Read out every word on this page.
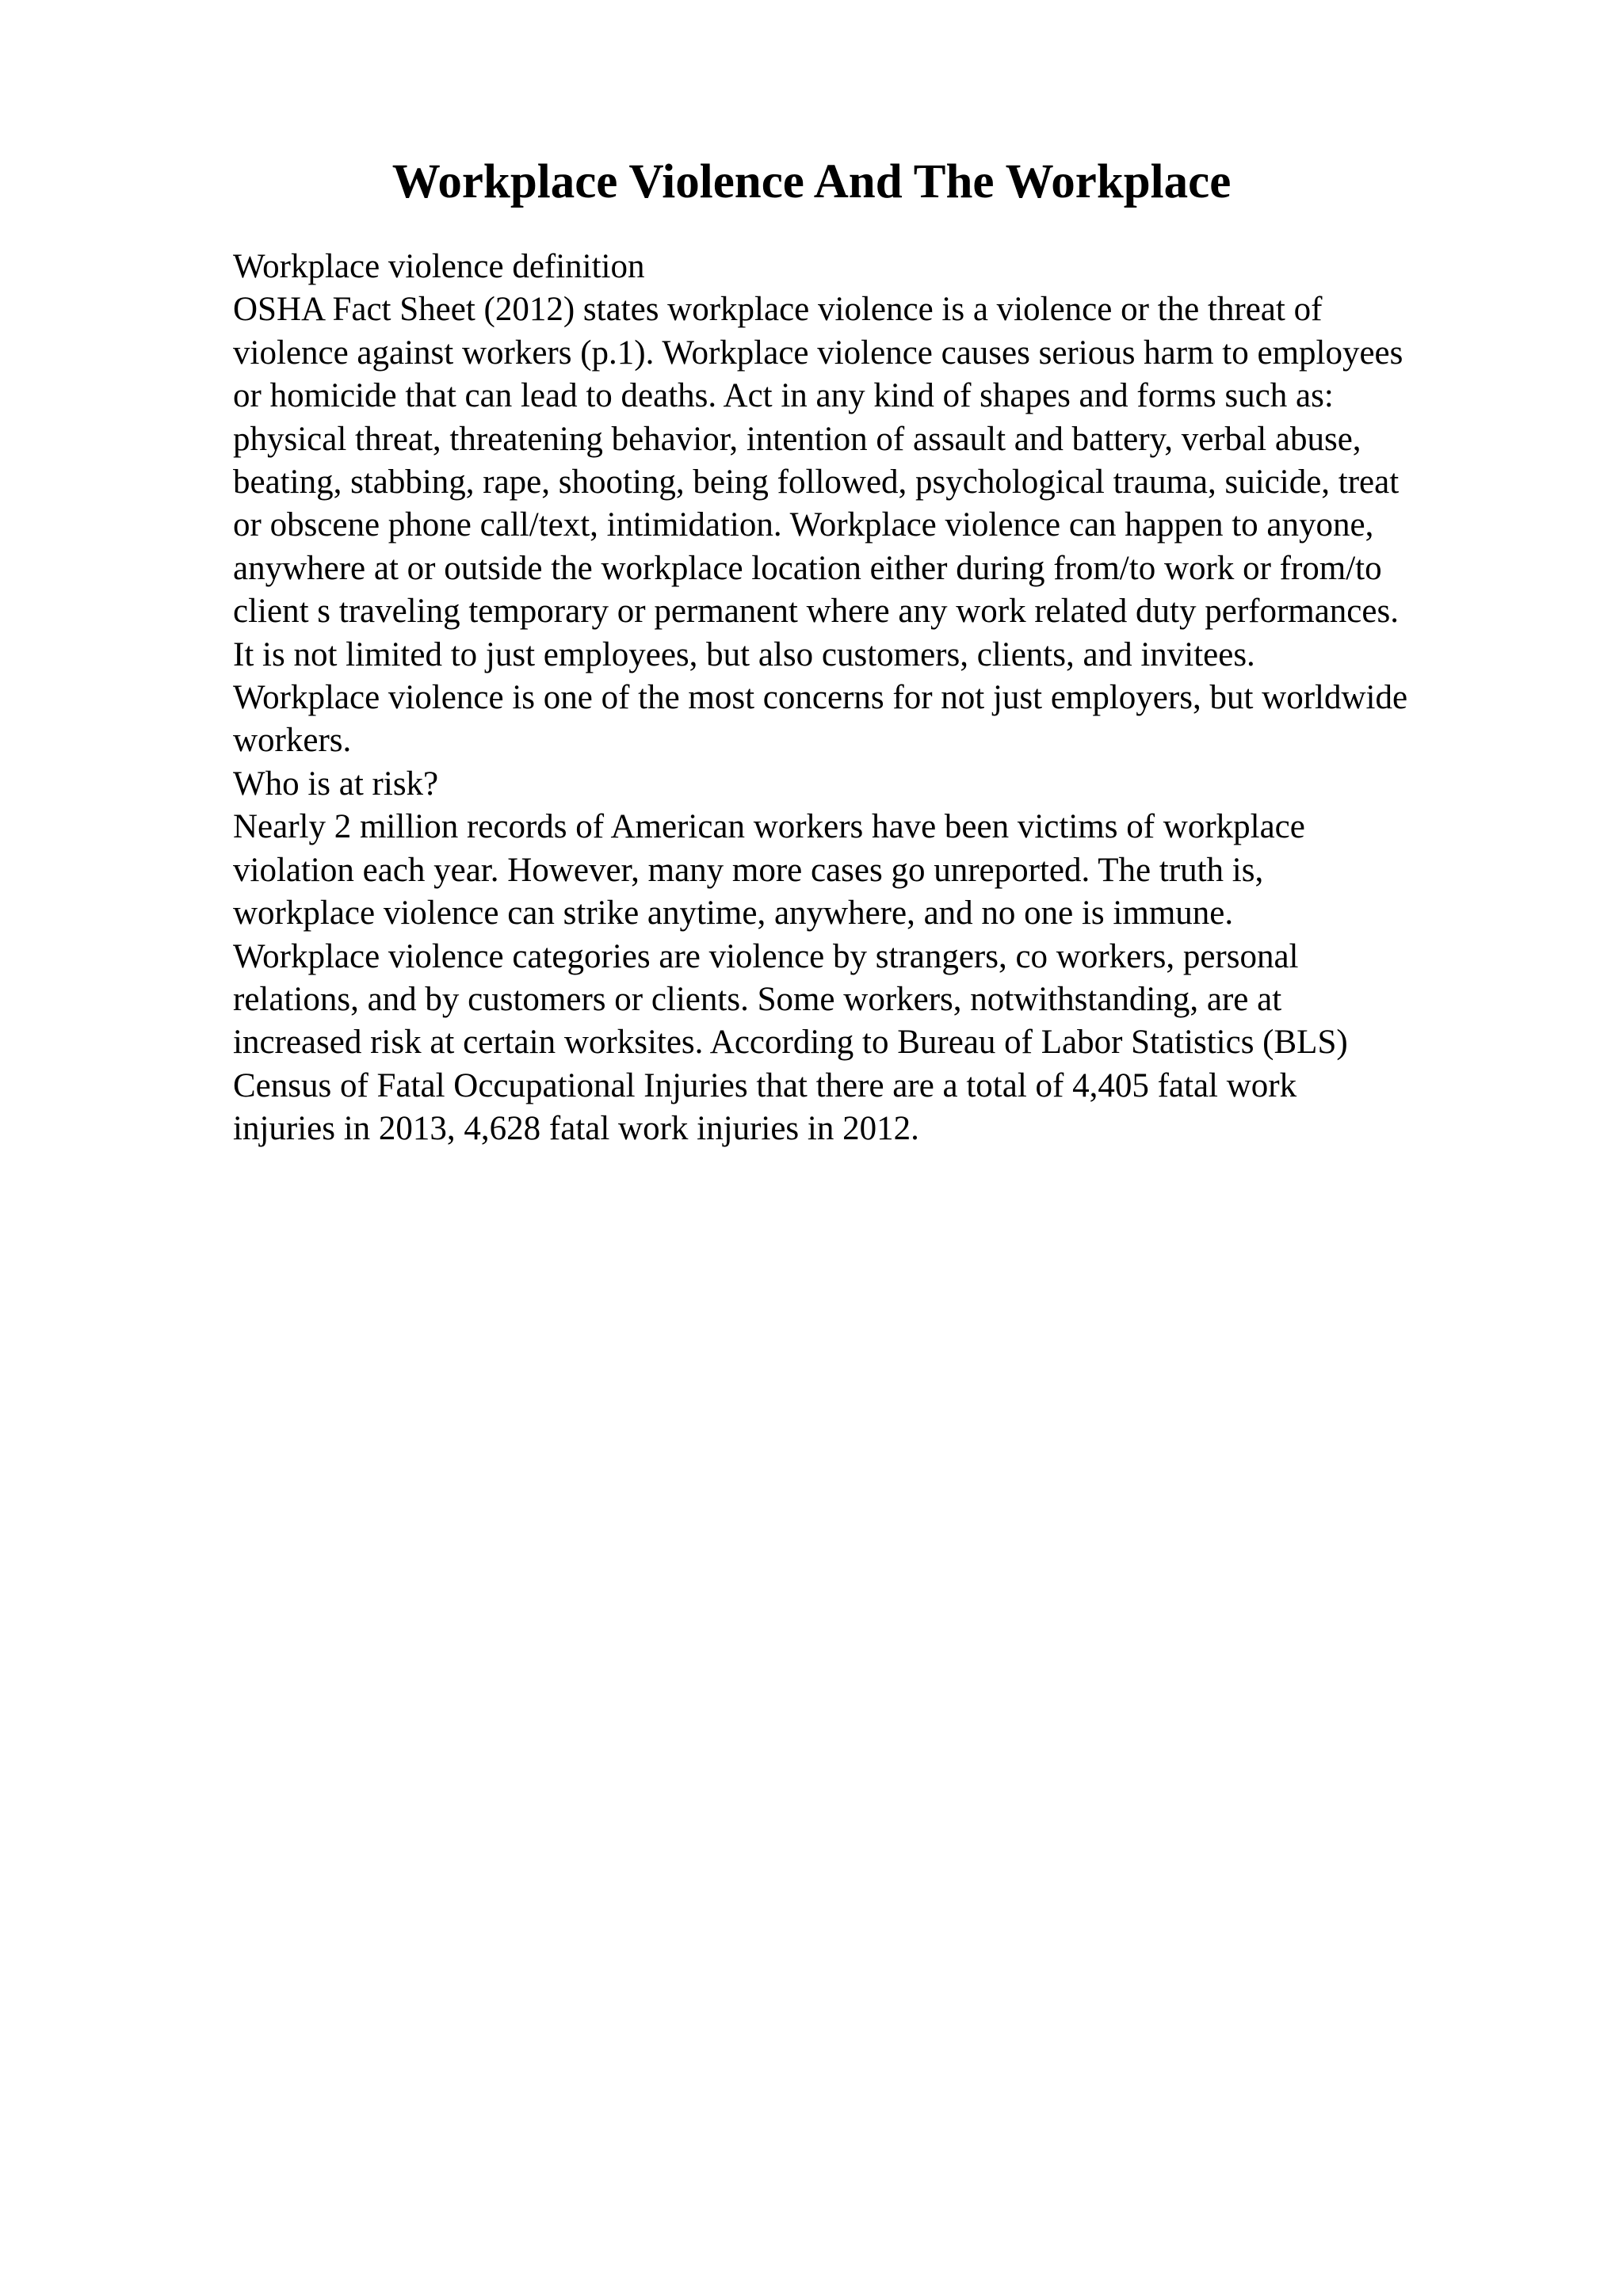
Workplace Violence And The Workplace
Workplace violence definition
OSHA Fact Sheet (2012) states workplace violence is a violence or the threat of
violence against workers (p.1). Workplace violence causes serious harm to employees
or homicide that can lead to deaths. Act in any kind of shapes and forms such as:
physical threat, threatening behavior, intention of assault and battery, verbal abuse,
beating, stabbing, rape, shooting, being followed, psychological trauma, suicide, treat
or obscene phone call/text, intimidation. Workplace violence can happen to anyone,
anywhere at or outside the workplace location either during from/to work or from/to
client s traveling temporary or permanent where any work related duty performances.
It is not limited to just employees, but also customers, clients, and invitees.
Workplace violence is one of the most concerns for not just employers, but worldwide
workers.
Who is at risk?
Nearly 2 million records of American workers have been victims of workplace
violation each year. However, many more cases go unreported. The truth is,
workplace violence can strike anytime, anywhere, and no one is immune.
Workplace violence categories are violence by strangers, co workers, personal
relations, and by customers or clients. Some workers, notwithstanding, are at
increased risk at certain worksites. According to Bureau of Labor Statistics (BLS)
Census of Fatal Occupational Injuries that there are a total of 4,405 fatal work
injuries in 2013, 4,628 fatal work injuries in 2012.
